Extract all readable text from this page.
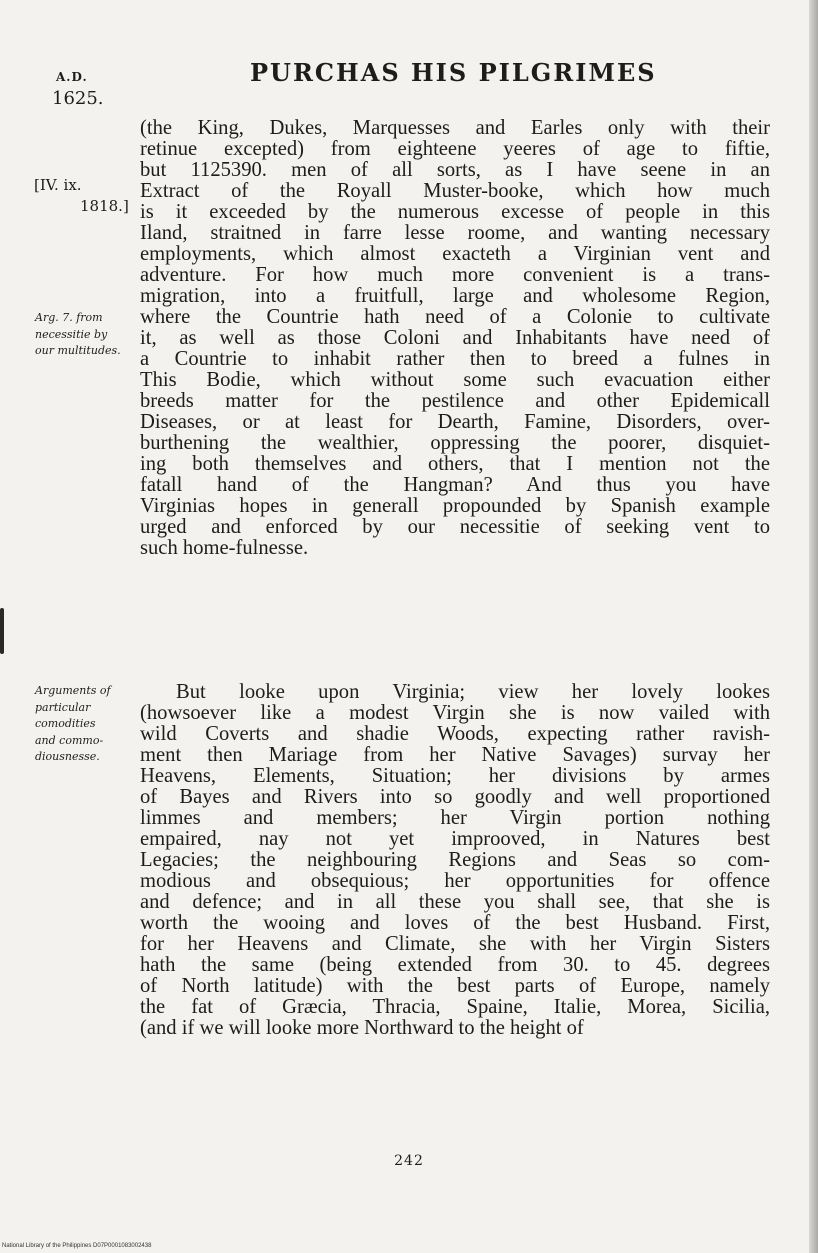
A.D.
1625.
PURCHAS HIS PILGRIMES
[IV. ix.
1818.]
Arg. 7. from
necessitie by
our multitudes.
Arguments of
particular
comodities
and commo-
diousnesse.
(the King, Dukes, Marquesses and Earles only with their
retinue excepted) from eighteene yeeres of age to fiftie,
but 1125390. men of all sorts, as I have seene in an
Extract of the Royall Muster-booke, which how much
is it exceeded by the numerous excesse of people in this
Iland, straitned in farre lesse roome, and wanting necessary
employments, which almost exacteth a Virginian vent and
adventure. For how much more convenient is a trans-
migration, into a fruitfull, large and wholesome Region,
where the Countrie hath need of a Colonie to cultivate
it, as well as those Coloni and Inhabitants have need of
a Countrie to inhabit rather then to breed a fulnes in
This Bodie, which without some such evacuation either
breeds matter for the pestilence and other Epidemicall
Diseases, or at least for Dearth, Famine, Disorders, over-
burthening the wealthier, oppressing the poorer, disquiet-
ing both themselves and others, that I mention not the
fatall hand of the Hangman? And thus you have
Virginias hopes in generall propounded by Spanish example
urged and enforced by our necessitie of seeking vent to
such home-fulnesse.
But looke upon Virginia; view her lovely lookes
(howsoever like a modest Virgin she is now vailed with
wild Coverts and shadie Woods, expecting rather ravish-
ment then Mariage from her Native Savages) survay her
Heavens, Elements, Situation; her divisions by armes
of Bayes and Rivers into so goodly and well proportioned
limmes and members; her Virgin portion nothing
empaired, nay not yet improoved, in Natures best
Legacies; the neighbouring Regions and Seas so com-
modious and obsequious; her opportunities for offence
and defence; and in all these you shall see, that she is
worth the wooing and loves of the best Husband. First,
for her Heavens and Climate, she with her Virgin Sisters
hath the same (being extended from 30. to 45. degrees
of North latitude) with the best parts of Europe, namely
the fat of Græcia, Thracia, Spaine, Italie, Morea, Sicilia,
(and if we will looke more Northward to the height of
242
National Library of the Philippines D07P0001083002438
